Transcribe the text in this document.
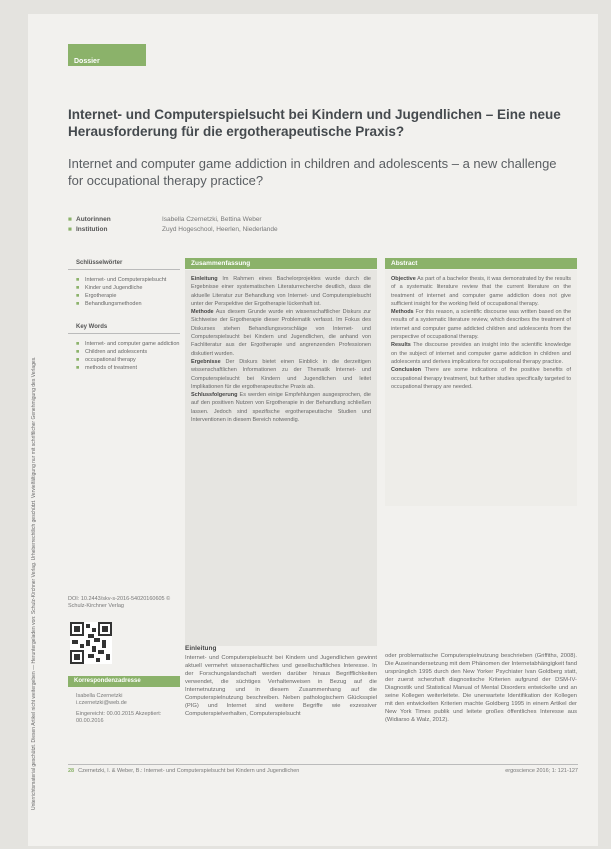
Unterrichtsmaterial geschützt. Diesen Artikel nicht weitergeben — Heruntergeladen von: Schulz-Kirchner Verlag. Urheberrechtlich geschützt. Vervielfältigung nur mit schriftlicher Genehmigung des Verlages.
Dossier
Internet- und Computerspielsucht bei Kindern und Jugendlichen – Eine neue Herausforderung für die ergotherapeutische Praxis?
Internet and computer game addiction in children and adolescents – a new challenge for occupational therapy practice?
■ Autorinnen	Isabella Czernetzki, Bettina Weber
■ Institution	Zuyd Hogeschool, Heerlen, Niederlande
Schlüsselwörter
■	Internet- und Computerspielsucht
■	Kinder und Jugendliche
■	Ergotherapie
■	Behandlungsmethoden
Key Words
■	Internet- and computer game addiction
■	Children and adolescents
■	occupational therapy
■	methods of treatment
Zusammenfassung

Einleitung Im Rahmen eines Bachelorprojektes wurde durch die Ergebnisse einer systematischen Literaturrecherche deutlich, dass die aktuelle Literatur zur Behandlung von Internet- und Computerspielsucht unter der Perspektive der Ergotherapie lückenhaft ist.

Methode Aus diesem Grunde wurde ein wissenschaftlicher Diskurs zur Sichtweise der Ergotherapie dieser Problematik verfasst. Im Fokus des Diskurses stehen Behandlungsvorschläge von Internet- und Computerspielsucht bei Kindern und Jugendlichen, die anhand von Fachliteratur aus der Ergotherapie und angrenzenden Professionen diskutiert wurden.

Ergebnisse Der Diskurs bietet einen Einblick in die derzeitigen wissenschaftlichen Informationen zu der Thematik Internet- und Computerspielsucht bei Kindern und Jugendlichen und leitet Implikationen für die ergotherapeutische Praxis ab.

Schlussfolgerung Es werden einige Empfehlungen ausgesprochen, die auf den positiven Nutzen von Ergotherapie in der Behandlung schließen lassen. Jedoch sind spezifische ergotherapeutische Studien und Interventionen in diesem Bereich notwendig.

Abstract

Objective As part of a bachelor thesis, it was demonstrated by the results of a systematic literature review that the current literature on the treatment of internet and computer game addiction does not give sufficient insight for the working field of occupational therapy.

Methods For this reason, a scientific discourse was written based on the results of a systematic literature review, which describes the treatment of internet and computer game addicted children and adolescents from the perspective of occupational therapy.

Results The discourse provides an insight into the scientific knowledge on the subject of internet and computer game addiction in children and adolescents and derives implications for occupational therapy practice.

Conclusion There are some indications of the positive benefits of occupational therapy treatment, but further studies specifically targeted to occupational therapy are needed.

DOI: 10.2443/skv-s-2016-54020160605 © Schulz-Kirchner Verlag
Korrespondenzadresse
Isabella Czernetzki
i.czernetzki@web.de
Eingereicht: 00.00.2015 Akzeptiert: 00.00.2016
Einleitung

Internet- und Computerspielsucht bei Kindern und Jugendlichen gewinnt aktuell vermehrt wissenschaftliches und gesellschaftliches Interesse. In der Forschungslandschaft werden darüber hinaus Begrifflichkeiten verwendet, die süchtiges Verhaltenweisen in Bezug auf die Internetnutzung und in diesem Zusammenhang auf die Computerspielnutzung beschreiben. Neben pathologischem Glücksspiel (PIG) und Internet sind weitere Begriffe wie exzessiver Computerspielverhalten, Computerspielsucht

oder problematische Computerspielnutzung beschrieben (Griffiths, 2008). Die Auseinandersetzung mit dem Phänomen der Internetabhängigkeit fand ursprünglich 1995 durch den New Yorker Psychiater Ivan Goldberg statt, der zuerst scherzhaft diagnostische Kriterien aufgrund der DSM-IV-Diagnostik und Statistical Manual of Mental Disorders entwickelte und an seine Kollegen weiterleitete. Die unerwartete Identifikation der Kollegen mit den entwickelten Kriterien machte Goldberg 1995 in einem Artikel der New York Times publik und leitete großes öffentliches Interesse aus (Widiarso & Walz, 2012).

28 Czernetzki, I. & Weber, B.: Internet- und Computerspielsucht bei Kindern und Jugendlichen	ergoscience 2016; 1: 121-127
